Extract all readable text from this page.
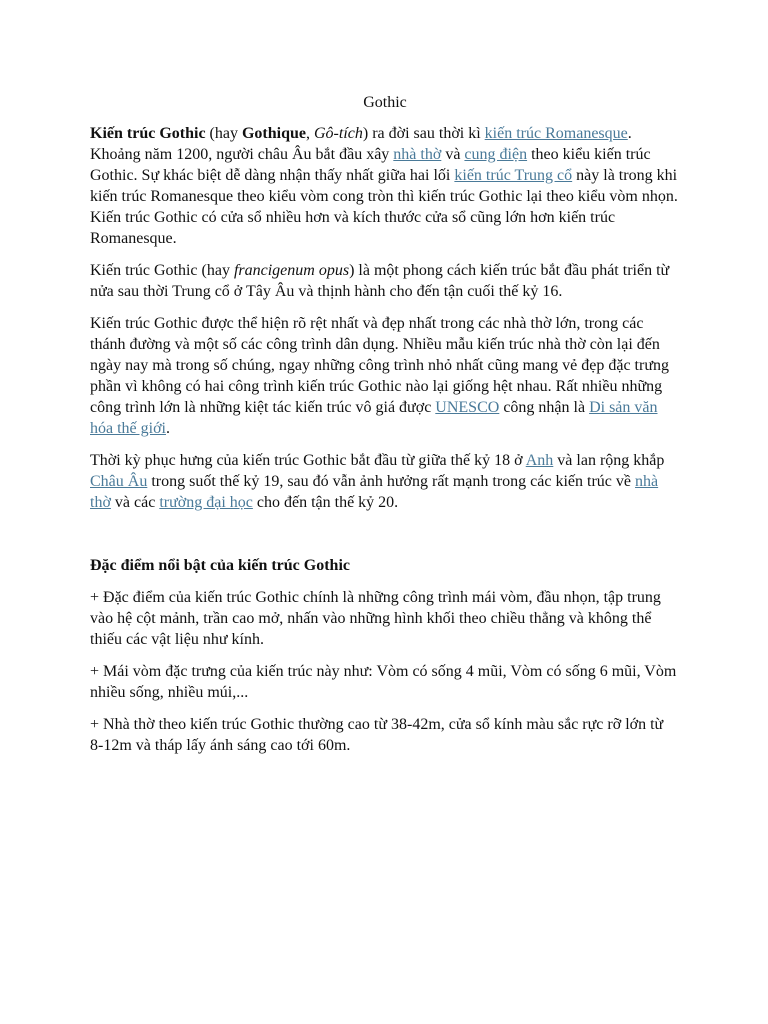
Gothic

Kiến trúc Gothic (hay Gothique, Gô-tích) ra đời sau thời kì kiến trúc Romanesque. Khoảng năm 1200, người châu Âu bắt đầu xây nhà thờ và cung điện theo kiểu kiến trúc Gothic. Sự khác biệt dễ dàng nhận thấy nhất giữa hai lối kiến trúc Trung cổ này là trong khi kiến trúc Romanesque theo kiểu vòm cong tròn thì kiến trúc Gothic lại theo kiểu vòm nhọn. Kiến trúc Gothic có cửa sổ nhiều hơn và kích thước cửa sổ cũng lớn hơn kiến trúc Romanesque.

Kiến trúc Gothic (hay francigenum opus) là một phong cách kiến trúc bắt đầu phát triển từ nửa sau thời Trung cổ ở Tây Âu và thịnh hành cho đến tận cuối thế kỷ 16.

Kiến trúc Gothic được thể hiện rõ rệt nhất và đẹp nhất trong các nhà thờ lớn, trong các thánh đường và một số các công trình dân dụng. Nhiều mẫu kiến trúc nhà thờ còn lại đến ngày nay mà trong số chúng, ngay những công trình nhỏ nhất cũng mang vẻ đẹp đặc trưng phần vì không có hai công trình kiến trúc Gothic nào lại giống hệt nhau. Rất nhiều những công trình lớn là những kiệt tác kiến trúc vô giá được UNESCO công nhận là Di sản văn hóa thế giới.

Thời kỳ phục hưng của kiến trúc Gothic bắt đầu từ giữa thế kỷ 18 ở Anh và lan rộng khắp Châu Âu trong suốt thế kỷ 19, sau đó vẫn ảnh hưởng rất mạnh trong các kiến trúc về nhà thờ và các trường đại học cho đến tận thế kỷ 20.

Đặc điểm nổi bật của kiến trúc Gothic

+ Đặc điểm của kiến trúc Gothic chính là những công trình mái vòm, đầu nhọn, tập trung vào hệ cột mảnh, trần cao mở, nhấn vào những hình khối theo chiều thẳng và không thể thiếu các vật liệu như kính.

+ Mái vòm đặc trưng của kiến trúc này như: Vòm có sống 4 mũi, Vòm có sống 6 mũi, Vòm nhiều sống, nhiều múi,...

+ Nhà thờ theo kiến trúc Gothic thường cao từ 38-42m, cửa sổ kính màu sắc rực rỡ lớn từ 8-12m và tháp lấy ánh sáng cao tới 60m.
